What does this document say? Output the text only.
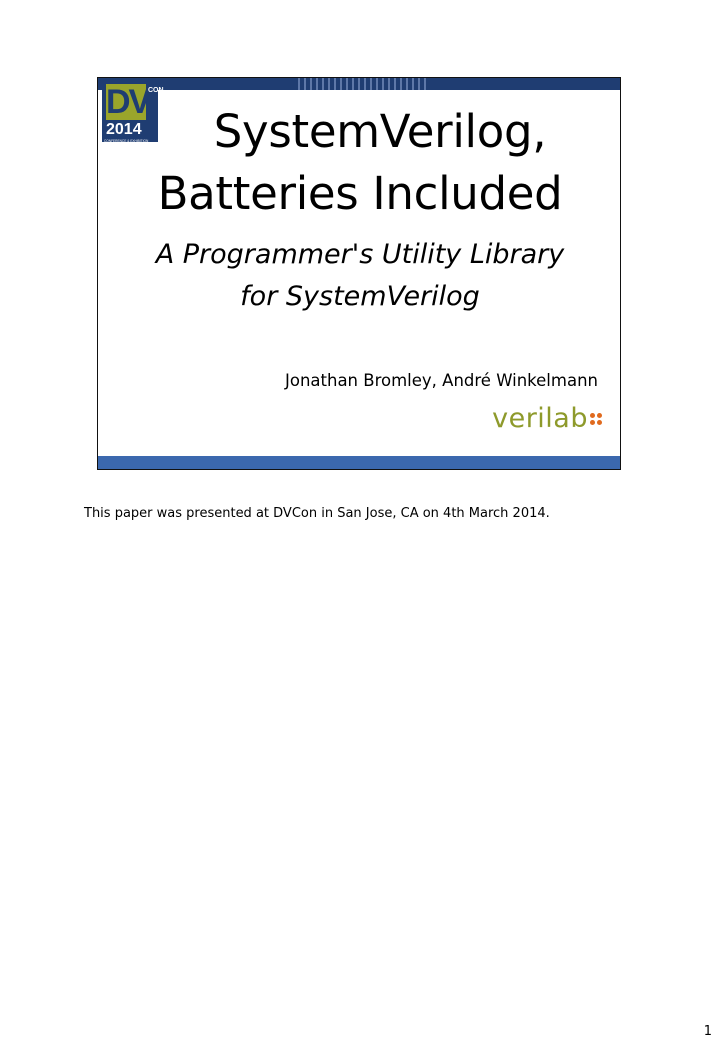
DESIGN & VERIFICATION
DV
CON
2014
CONFERENCE & EXHIBITION	SystemVerilog,
Batteries Included
A Programmer's Utility Library
for SystemVerilog
Jonathan Bromley, André Winkelmann
verilab
This paper was presented at DVCon in San Jose, CA on 4th March 2014.
1
